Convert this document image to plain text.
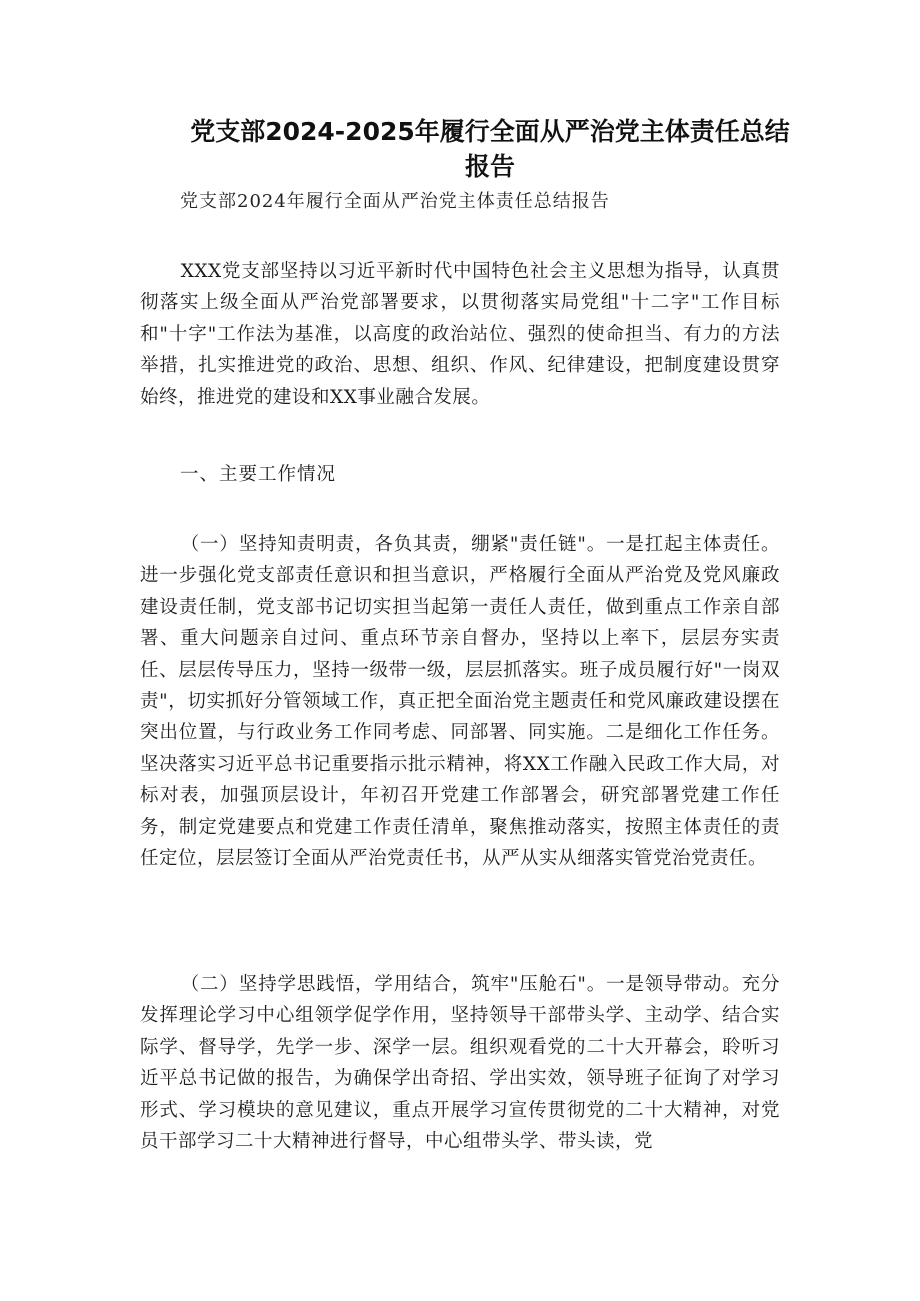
党支部2024-2025年履行全面从严治党主体责任总结报告

党支部2024年履行全面从严治党主体责任总结报告

XXX党支部坚持以习近平新时代中国特色社会主义思想为指导，认真贯彻落实上级全面从严治党部署要求，以贯彻落实局党组"十二字"工作目标和"十字"工作法为基准，以高度的政治站位、强烈的使命担当、有力的方法举措，扎实推进党的政治、思想、组织、作风、纪律建设，把制度建设贯穿始终，推进党的建设和XX事业融合发展。

一、主要工作情况

（一）坚持知责明责，各负其责，绷紧"责任链"。一是扛起主体责任。进一步强化党支部责任意识和担当意识，严格履行全面从严治党及党风廉政建设责任制，党支部书记切实担当起第一责任人责任，做到重点工作亲自部署、重大问题亲自过问、重点环节亲自督办，坚持以上率下，层层夯实责任、层层传导压力，坚持一级带一级，层层抓落实。班子成员履行好"一岗双责"，切实抓好分管领域工作，真正把全面治党主题责任和党风廉政建设摆在突出位置，与行政业务工作同考虑、同部署、同实施。二是细化工作任务。坚决落实习近平总书记重要指示批示精神，将XX工作融入民政工作大局，对标对表，加强顶层设计，年初召开党建工作部署会，研究部署党建工作任务，制定党建要点和党建工作责任清单，聚焦推动落实，按照主体责任的责任定位，层层签订全面从严治党责任书，从严从实从细落实管党治党责任。

（二）坚持学思践悟，学用结合，筑牢"压舱石"。一是领导带动。充分发挥理论学习中心组领学促学作用，坚持领导干部带头学、主动学、结合实际学、督导学，先学一步、深学一层。组织观看党的二十大开幕会，聆听习近平总书记做的报告，为确保学出奇招、学出实效，领导班子征询了对学习形式、学习模块的意见建议，重点开展学习宣传贯彻党的二十大精神，对党员干部学习二十大精神进行督导，中心组带头学、带头读，党
